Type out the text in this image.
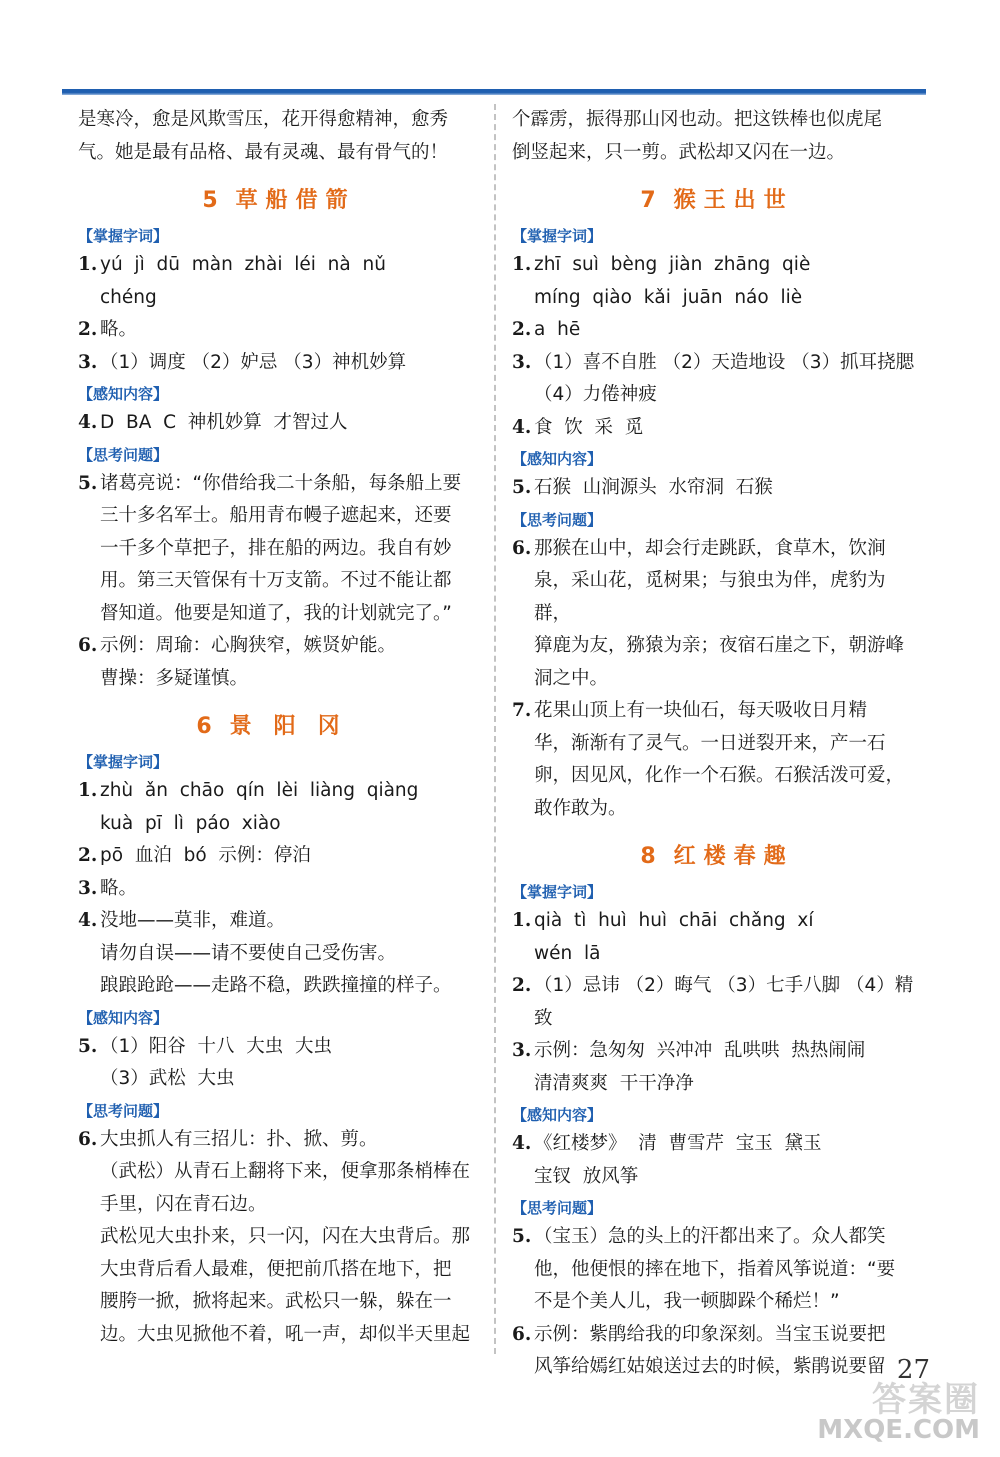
是寒冷，愈是风欺雪压，花开得愈精神，愈秀
气。她是最有品格、最有灵魂、最有骨气的！

5 草船借箭
【掌握字词】
1. yú  jì  dū  màn  zhài  léi  nà  nǔ
chéng
2. 略。
3. （1）调度 （2）妒忌 （3）神机妙算
【感知内容】
4. D  BA  C  神机妙算  才智过人
【思考问题】
5. 诸葛亮说：“你借给我二十条船，每条船上要
三十多名军士。船用青布幔子遮起来，还要
一千多个草把子，排在船的两边。我自有妙
用。第三天管保有十万支箭。不过不能让都
督知道。他要是知道了，我的计划就完了。”
6. 示例：周瑜：心胸狭窄，嫉贤妒能。
曹操：多疑谨慎。
6 景阳冈
【掌握字词】
1. zhù  ǎn  chāo  qín  lèi  liàng  qiàng
kuà  pī  lì  páo  xiào
2. pō  血泊  bó  示例：停泊
3. 略。
4. 没地——莫非，难道。
请勿自误——请不要使自己受伤害。
踉踉跄跄——走路不稳，跌跌撞撞的样子。
【感知内容】
5. （1）阳谷  十八  大虫  大虫
（3）武松  大虫
【思考问题】
6. 大虫抓人有三招儿：扑、掀、剪。
（武松）从青石上翻将下来，便拿那条梢棒在
手里，闪在青石边。
武松见大虫扑来，只一闪，闪在大虫背后。那
大虫背后看人最难，便把前爪搭在地下，把
腰胯一掀，掀将起来。武松只一躲，躲在一
边。大虫见掀他不着，吼一声，却似半天里起

个霹雳，振得那山冈也动。把这铁棒也似虎尾
倒竖起来，只一剪。武松却又闪在一边。

7 猴王出世
【掌握字词】
1. zhī  suì  bèng  jiàn  zhāng  qiè
míng  qiào  kǎi  juān  náo  liè
2. a  hē
3. （1）喜不自胜 （2）天造地设 （3）抓耳挠腮
（4）力倦神疲
4. 食  饮  采  觅
【感知内容】
5. 石猴  山涧源头  水帘洞  石猴
【思考问题】
6. 那猴在山中，却会行走跳跃，食草木，饮涧
泉，采山花，觅树果；与狼虫为伴，虎豹为群，
獐鹿为友，猕猿为亲；夜宿石崖之下，朝游峰
洞之中。
7. 花果山顶上有一块仙石，每天吸收日月精
华，渐渐有了灵气。一日迸裂开来，产一石
卵，因见风，化作一个石猴。石猴活泼可爱，
敢作敢为。
8 红楼春趣
【掌握字词】
1. qià  tì  huì  huì  chāi  chǎng  xí
wén  lā
2. （1）忌讳 （2）晦气 （3）七手八脚 （4）精致
3. 示例：急匆匆  兴冲冲  乱哄哄  热热闹闹
清清爽爽  干干净净
【感知内容】
4. 《红楼梦》  清  曹雪芹  宝玉  黛玉
宝钗  放风筝
【思考问题】
5. （宝玉）急的头上的汗都出来了。众人都笑
他，他便恨的摔在地下，指着风筝说道：“要
不是个美人儿，我一顿脚跺个稀烂！”
6. 示例：紫鹃给我的印象深刻。当宝玉说要把
风筝给嫣红姑娘送过去的时候，紫鹃说要留 27
答案圈
MXQE.COM
